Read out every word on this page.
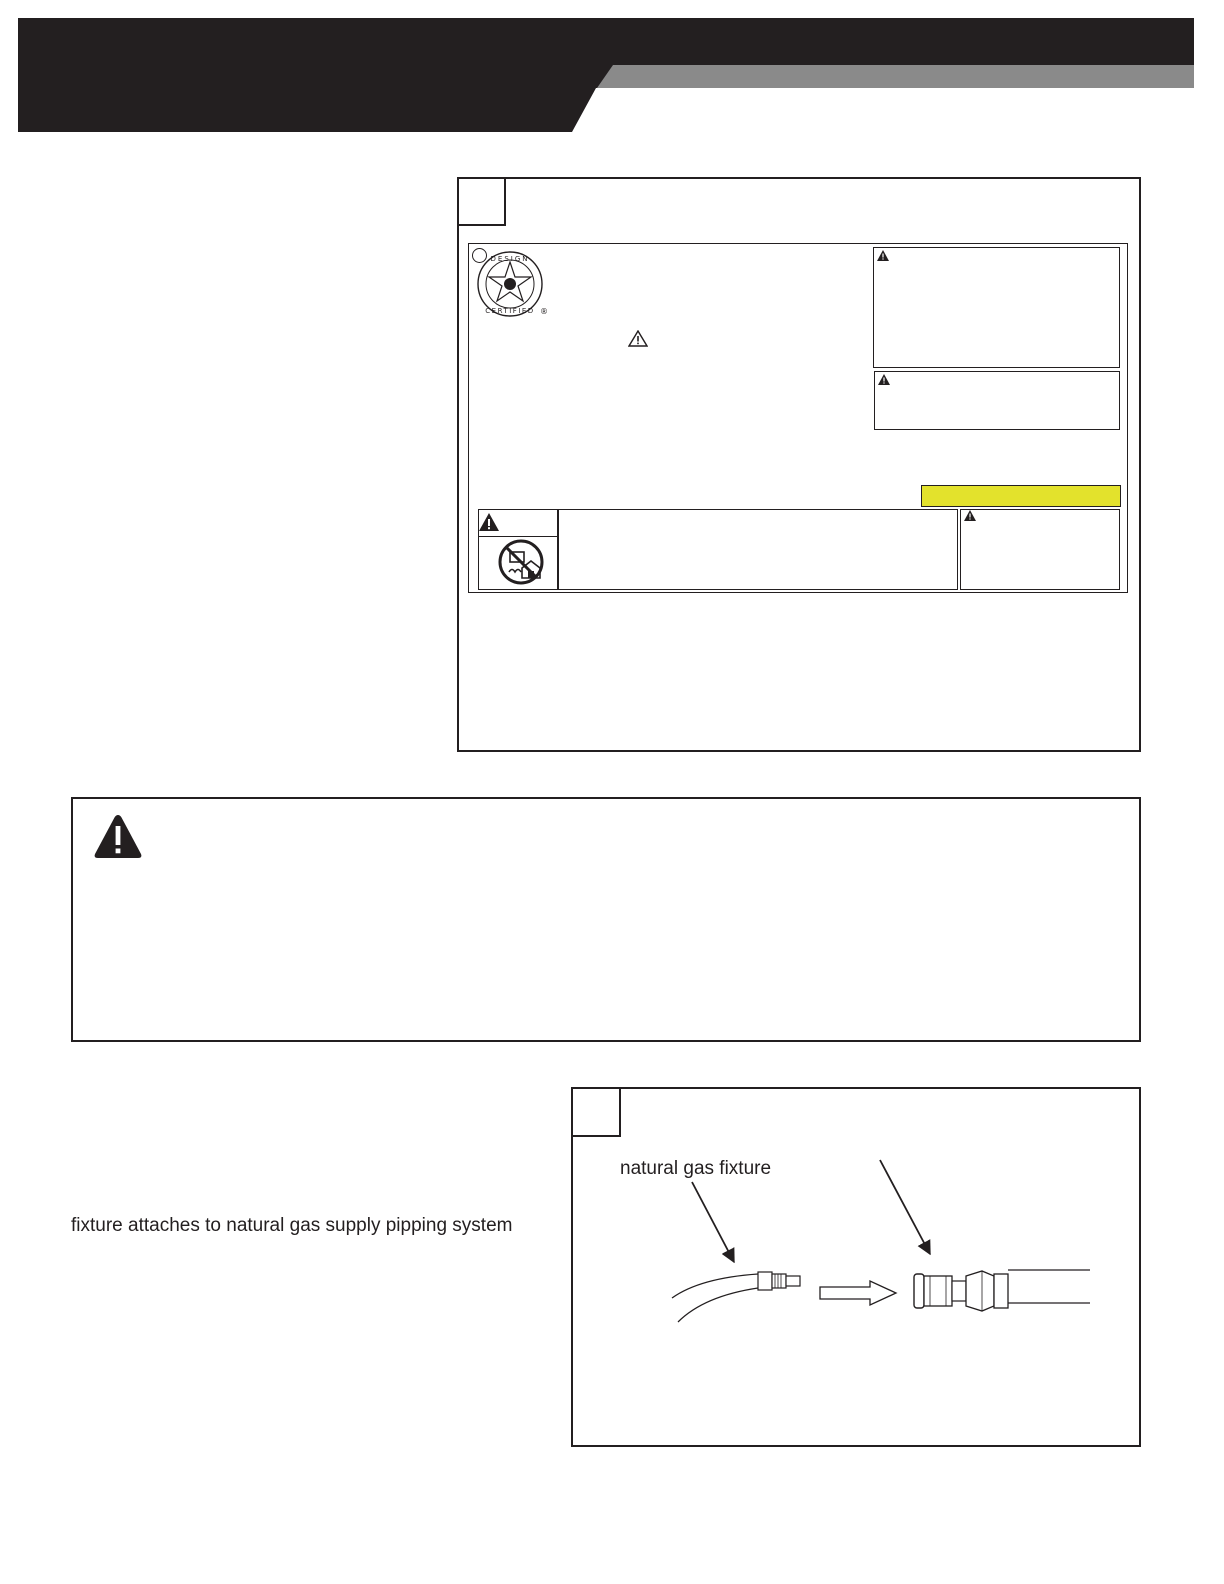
DESIGN
CERTIFIED ®
fixture attaches to natural gas supply pipping system
natural gas fixture
